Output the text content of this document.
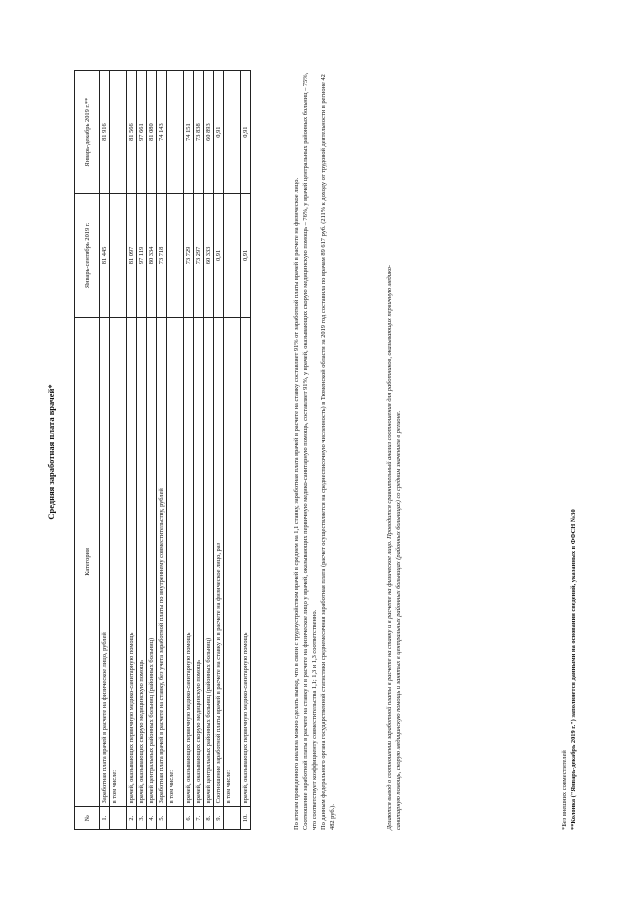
Средняя заработная плата врачей*
№	Категория	Январь-сентябрь 2019 г.	Январь-декабрь 2019 г.**
1.	Заработная плата врачей в расчете на физическое лицо, рублей	81 445	81 916
	в том числе:		
2.	врачей, оказывающих первичную медико-санитарную помощь	81 097	81 566
3.	врачей, оказывающих скорую медицинскую помощь	97 119	97 661
4.	врачей центральных районных больниц (районных больниц)	80 334	81 080
5.	Заработная плата врачей в расчете на ставку, без учета заработной платы по внутреннему совместительству, рублей	73 718	74 143
	в том числе:		
6.	врачей, оказывающих первичную медико-санитарную помощь	73 729	74 151
7.	врачей, оказывающих скорую медицинскую помощь	73 297	73 838
8.	врачей центральных районных больниц (районных больниц)	60 333	60 893
9.	Соотношение заработной платы врачей в расчете на ставку и в расчете на физическое лицо, раз	0,91	0,91
	в том числе:		
10.	врачей, оказывающих первичную медико-санитарную помощь	0,91	0,91

По итогам проведенного анализа можно сделать вывод, что в связи с трудоустройством врачей в среднем на 1,1 ставку, заработная плата врачей в расчете на ставку составляет 91% от заработной платы врачей в расчете на физическое лицо. Соотношение заработной платы в расчете на ставку и в расчете на физическое лицо у врачей, оказывающих первичную медико-санитарную помощь, составляет 91%, у врачей, оказывающих скорую медицинскую помощь – 76%, у врачей центральных районных больниц – 75%, что соответствует коэффициенту совместительства 1,1; 1,3 и 1,3 соответственно. По данным федерального органа государственной статистики среднемесячная заработная плата (расчет осуществляется на среднесписочную численность) в Тюменской области за 2019 год составила по врачам 89 617 руб. (211% к доходу от трудовой деятельности в регионе 42 482 руб.).	Делаются вывод о соотношении заработной платы в расчете на ставку и в расчете на физическое лицо. Проводится сравнительный анализ соотношения для работников, оказывающих первичную медико- санитарную помощь, скорую медицинскую помощь и занятых в центральных районных больницах (районных больницах) со средним значением в регионе.	*Без внешних совместителей **Колонка ("Январь-декабрь 2019 г.") заполняется данными на основании сведений, указанных в ФФСН №30
